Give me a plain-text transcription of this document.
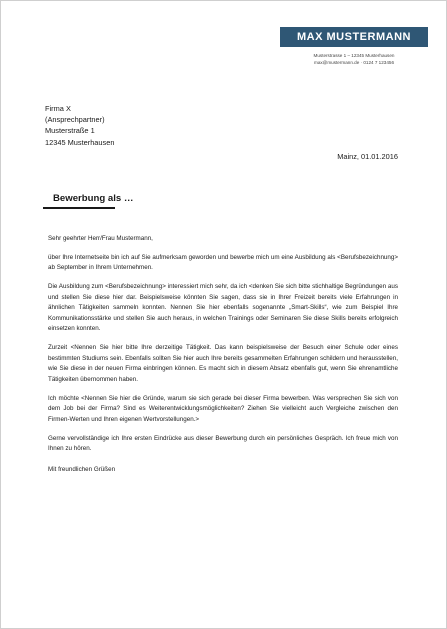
MAX MUSTERMANN
Musterstrasse 1 – 12345 Musterhausen
max@mustermann.de · 0124 7 123456
Firma X
(Ansprechpartner)
Musterstraße 1
12345 Musterhausen
Mainz, 01.01.2016
Bewerbung als …

Sehr geehrter Herr/Frau Mustermann,

über Ihre Internetseite bin ich auf Sie aufmerksam geworden und bewerbe mich um eine Ausbildung als <Berufsbezeichnung> ab September in Ihrem Unternehmen.

Die Ausbildung zum <Berufsbezeichnung> interessiert mich sehr, da ich <denken Sie sich bitte stichhaltige Begründungen aus und stellen Sie diese hier dar. Beispielsweise könnten Sie sagen, dass sie in Ihrer Freizeit bereits viele Erfahrungen in ähnlichen Tätigkeiten sammeln konnten. Nennen Sie hier ebenfalls sogenannte „Smart-Skills“, wie zum Beispiel Ihre Kommunikationsstärke und stellen Sie auch heraus, in welchen Trainings oder Seminaren Sie diese Skills bereits erfolgreich einsetzen konnten.

Zurzeit <Nennen Sie hier bitte Ihre derzeitige Tätigkeit. Das kann beispielsweise der Besuch einer Schule oder eines bestimmten Studiums sein. Ebenfalls sollten Sie hier auch Ihre bereits gesammelten Erfahrungen schildern und herausstellen, wie Sie diese in der neuen Firma einbringen können. Es macht sich in diesem Absatz ebenfalls gut, wenn Sie ehrenamtliche Tätigkeiten übernommen haben.

Ich möchte <Nennen Sie hier die Gründe, warum sie sich gerade bei dieser Firma bewerben. Was versprechen Sie sich von dem Job bei der Firma? Sind es Weiterentwicklungsmöglichkeiten? Ziehen Sie vielleicht auch Vergleiche zwischen den Firmen-Werten und Ihren eigenen Wertvorstellungen.>

Gerne vervollständige ich Ihre ersten Eindrücke aus dieser Bewerbung durch ein persönliches Gespräch. Ich freue mich von Ihnen zu hören.

Mit freundlichen Grüßen
